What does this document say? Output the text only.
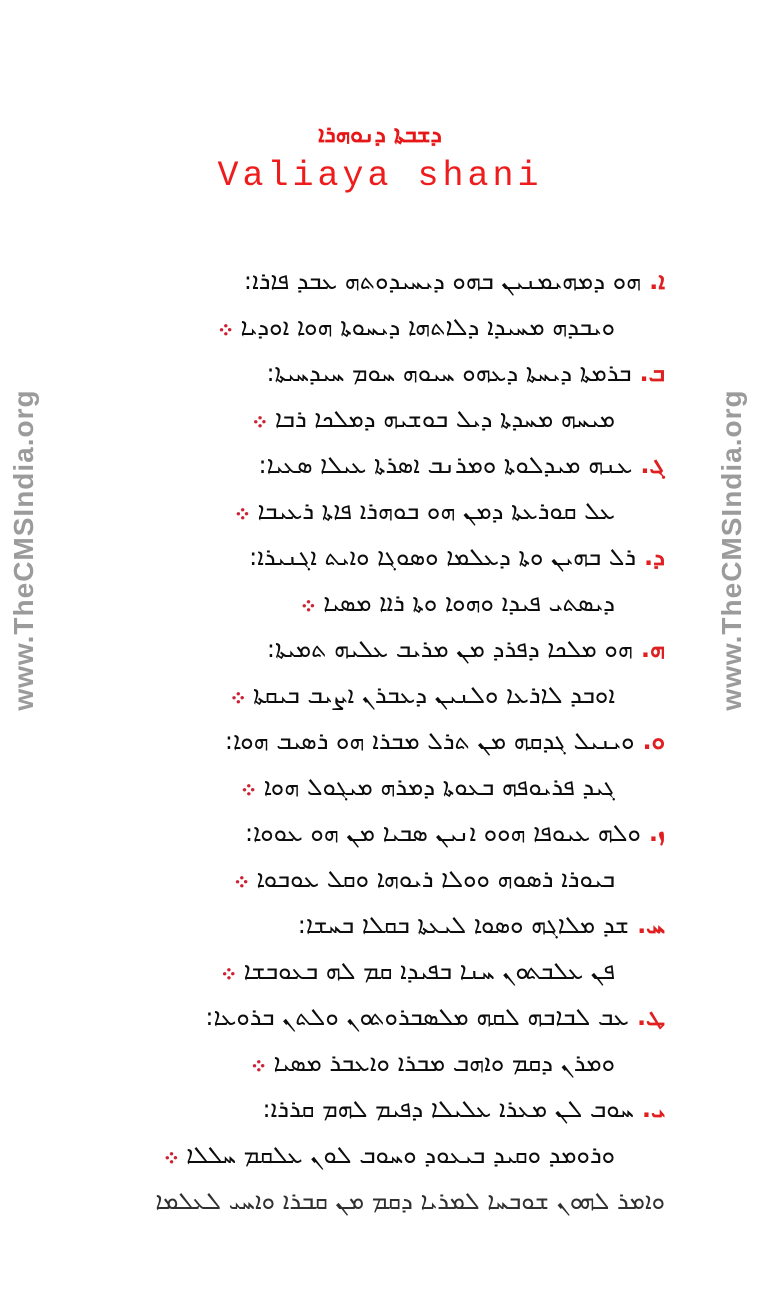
www.TheCMSIndia.org	www.TheCMSIndia.org
ܕܫܒܬܐ ܕܢܘܗܪܐ
Valiaya shani
ܐ.ܗܘ ܕܡܗܝܡܢܝܢ ܒܗܘ ܕܝܚܝܕܘܬܗ ܥܒܕ ܦܐܪܐ:
ܘܝܒܕܗ ܡܚܝܕܐ ܕܠܐܬܗܐ ܕܝܚܘܬܐ ܗܘܐ ܐܘܕܝܐ܀
ܒ.ܒܪܡܬܐ ܕܝܚܬܐ ܕܥܗܘ ܚܝܘܗ ܚܘܡ ܚܝܕܚܝܬܐ:
ܡܝܚܗ ܡܚܕܬܐ ܕܝܠ ܒܘܫܝܗ ܕܡܠܟܐ ܪܒܐ܀
ܓ.ܥܢܗ ܡܝܕܠܘܬܐ ܘܡܪܢܒ ܐܣܪܬܐ ܥܝܠܐ ܣܥܝܐ:
ܥܠ ܩܘܪܥܬܐ ܕܡܢ ܗܘ ܒܘܗܪܐ ܦܐܬܐ ܪܥܝܒܐ܀
ܕ.ܪܠ ܒܗܝܢ ܘܬܐ ܕܥܠܡܐ ܘܣܘܓܐ ܘܐܝܬ ܐܓܢܝܪܐ:
ܕܝܣܬܝ ܦܝܕܐ ܘܗܘܐ ܘܬܐ ܪܐܐ ܡܣܝܐ܀
ܗ.ܗܘ ܡܠܟܐ ܕܦܪܕ ܡܢ ܡܪܝܒ ܥܠܝܗ ܬܡܝܬܐ:
ܐܘܒܕ ܠܐܪܥܐ ܘܠܢܝܢ ܕܥܒܪܢ ܐܨܝܒ ܒܝܩܬܐ܀
ܘ.ܘܝܢܝܠ ܓܕܩܗ ܡܢ ܬܪܠ ܡܒܪܐ ܗܘ ܪܣܝܒ ܗܘܐ:
ܓܝܕ ܦܪܝܘܦܗ ܒܥܘܬܐ ܕܡܪܗ ܡܝܓܘܠ ܗܘܐ܀
ܙ.ܘܠܗ ܥܝܘܦܐ ܗܘܘ ܐܢܝܢ ܣܒܝܐ ܡܢ ܗܘ ܥܘܘܐ:
ܒܝܘܪܐ ܪܣܘܗ ܘܘܠܐ ܪܝܘܗܐ ܘܩܠ ܥܘܒܘܐ܀
ܚ.ܫܕ ܡܠܐܓܗ ܘܣܘܐ ܠܝܥܬܐ ܒܩܠܐ ܒܚܫܐ:
ܦܢ ܥܠܒܬܘܢ ܚܢܐ ܒܦܝܕܐ ܩܡ ܠܗ ܒܥܘܒܫܐ܀
ܛ.ܥܒ ܠܒܐܒܗ ܠܩܗ ܡܠܣܒܪܘܬܘܢ ܘܠܬܢ ܒܪܘܥܐ:
ܘܡܪܢ ܕܩܡ ܘܐܗܒ ܡܒܪܐ ܘܐܥܒܪ ܡܣܝܐ܀
ܝ.ܚܘܒ ܠܢ ܡܥܪܐ ܥܠܝܠܐ ܕܦܝܡ ܠܗܡ ܩܪܪܐ:
ܘܪܘܡܕ ܘܩܝܕ ܒܝܥܘܕ ܘܚܘܒ ܠܘܢ ܥܠܩܡ ܚܠܠܐ܀
ܘܐܡܪ ܠܗܘܢ ܫܘܒܚܐ ܠܡܪܝܐ ܕܩܡ ܡܢ ܩܒܪܐ ܘܐܚܝ ܠܥܠܡܐ
